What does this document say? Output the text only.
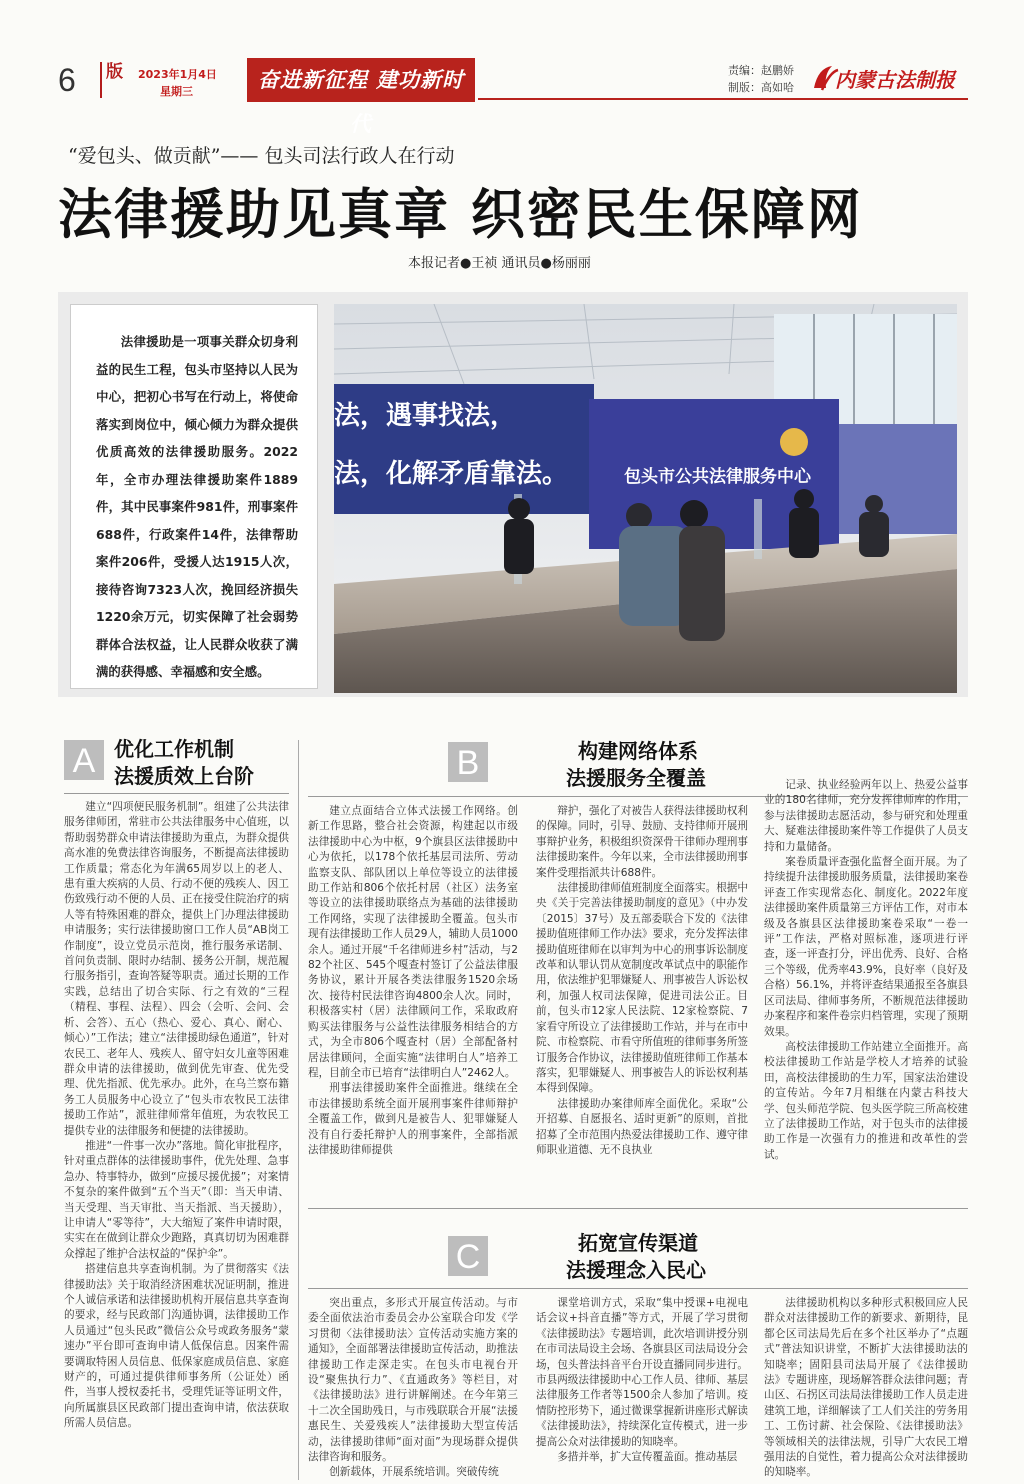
6	版	2023年1月4日
星期三	奋进新征程 建功新时代
责编：赵鹏娇
制版：高如哈 内蒙古法制报
“爱包头、做贡献”—— 包头司法行政人在行动
法律援助见真章 织密民生保障网
本报记者●王祯 通讯员●杨丽丽
法律援助是一项事关群众切身利益的民生工程，包头市坚持以人民为中心，把初心书写在行动上，将使命落实到岗位中，倾心倾力为群众提供优质高效的法律援助服务。2022年，全市办理法律援助案件1889件，其中民事案件981件，刑事案件688件，行政案件14件，法律帮助案件206件，受援人达1915人次，接待咨询7323人次，挽回经济损失1220余万元，切实保障了社会弱势群体合法权益，让人民群众收获了满满的获得感、幸福感和安全感。
法，遇事找法，
法，化解矛盾靠法。	包头市公共法律服务中心
A 优化工作机制
法援质效上台阶
建立“四项便民服务机制”。组建了公共法律服务律师团，常驻市公共法律服务中心值班，以帮助弱势群众申请法律援助为重点，为群众提供高水准的免费法律咨询服务，不断提高法律援助工作质量；常态化为年满65周岁以上的老人、患有重大疾病的人员、行动不便的残疾人、因工伤致残行动不便的人员、正在接受住院治疗的病人等有特殊困难的群众，提供上门办理法律援助申请服务；实行法律援助窗口工作人员“AB岗工作制度”，设立党员示范岗，推行服务承诺制、首问负责制、限时办结制、援务公开制，规范履行服务指引，查询答疑等职责。通过长期的工作实践，总结出了切合实际、行之有效的“三程（精程、事程、法程）、四会（会听、会问、会析、会答）、五心（热心、爱心、真心、耐心、倾心）”工作法；建立“法律援助绿色通道”，针对农民工、老年人、残疾人、留守妇女儿童等困难群众申请的法律援助，做到优先审查、优先受理、优先指派、优先承办。此外，在乌兰察布籍务工人员服务中心设立了“包头市农牧民工法律援助工作站”，派驻律师常年值班，为农牧民工提供专业的法律服务和便捷的法律援助。
推进“一件事一次办”落地。简化审批程序，针对重点群体的法律援助事件，优先处理、急事急办、特事特办，做到“应援尽援优援”；对案情不复杂的案件做到“五个当天”（即：当天申请、当天受理、当天审批、当天指派、当天援助），让申请人“零等待”，大大缩短了案件申请时限，实实在在做到让群众少跑路，真真切切为困难群众撑起了维护合法权益的“保护伞”。
搭建信息共享查询机制。为了贯彻落实《法律援助法》关于取消经济困难状况证明制，推进个人诚信承诺和法律援助机构开展信息共享查询的要求，经与民政部门沟通协调，法律援助工作人员通过“包头民政”微信公众号或政务服务“蒙速办”平台即可查询申请人低保信息。因案件需要调取特困人员信息、低保家庭成员信息、家庭财产的，可通过提供律师事务所（公证处）函件，当事人授权委托书，受理凭证等证明文件，向所属旗县区民政部门提出查询申请，依法获取所需人员信息。
B	构建网络体系
法援服务全覆盖
建立点面结合立体式法援工作网络。创新工作思路，整合社会资源，构建起以市级法律援助中心为中枢，9个旗县区法律援助中心为依托，以178个依托基层司法所、劳动监察支队、部队团以上单位等设立的法律援助工作站和806个依托村居（社区）法务室等设立的法律援助联络点为基础的法律援助工作网络，实现了法律援助全覆盖。包头市现有法律援助工作人员29人，辅助人员1000余人。通过开展“千名律师进乡村”活动，与282个社区、545个嘎查村签订了公益法律服务协议，累计开展各类法律服务1520余场次、接待村民法律咨询4800余人次。同时，积极落实村（居）法律顾问工作，采取政府购买法律服务与公益性法律服务相结合的方式，为全市806个嘎查村（居）全部配备村居法律顾问，全面实施“法律明白人”培养工程，目前全市已培育“法律明白人”2462人。
刑事法律援助案件全面推进。继续在全市法律援助系统全面开展刑事案件律师辩护全覆盖工作，做到凡是被告人、犯罪嫌疑人没有自行委托辩护人的刑事案件，全部指派法律援助律师提供
辩护，强化了对被告人获得法律援助权利的保障。同时，引导、鼓励、支持律师开展刑事辩护业务，积极组织资深骨干律师办理刑事法律援助案件。今年以来，全市法律援助刑事案件受理指派共计688件。
法律援助律师值班制度全面落实。根据中央《关于完善法律援助制度的意见》（中办发〔2015〕37号）及五部委联合下发的《法律援助值班律师工作办法》要求，充分发挥法律援助值班律师在以审判为中心的刑事诉讼制度改革和认罪认罚从宽制度改革试点中的职能作用，依法维护犯罪嫌疑人、刑事被告人诉讼权利，加强人权司法保障，促进司法公正。目前，包头市12家人民法院、12家检察院、7家看守所设立了法律援助工作站，并与在市中院、市检察院、市看守所值班的律师事务所签订服务合作协议，法律援助值班律师工作基本落实，犯罪嫌疑人、刑事被告人的诉讼权利基本得到保障。
法律援助办案律师库全面优化。采取“公开招募、自愿报名、适时更新”的原则，首批招募了全市范围内热爱法律援助工作、遵守律师职业道德、无不良执业
记录、执业经验两年以上、热爱公益事业的180名律师，充分发挥律师库的作用，参与法律援助志愿活动，参与研究和处理重大、疑难法律援助案件等工作提供了人员支持和力量储备。
案卷质量评查强化监督全面开展。为了持续提升法律援助服务质量，法律援助案卷评查工作实现常态化、制度化。2022年度法律援助案件质量第三方评估工作，对市本级及各旗县区法律援助案卷采取“一卷一评”工作法，严格对照标准，逐项进行评查，逐一评查打分，评出优秀、良好、合格三个等级，优秀率43.9%，良好率（良好及合格）56.1%，并将评查结果通报至各旗县区司法局、律师事务所，不断规范法律援助办案程序和案件卷宗归档管理，实现了预期效果。
高校法律援助工作站建立全面推开。高校法律援助工作站是学校人才培养的试验田，高校法律援助的生力军，国家法治建设的宣传站。今年7月相继在内蒙古科技大学、包头师范学院、包头医学院三所高校建立了法律援助工作站，对于包头市的法律援助工作是一次强有力的推进和改革性的尝试。
C	拓宽宣传渠道
法援理念入民心
突出重点，多形式开展宣传活动。与市委全面依法治市委员会办公室联合印发《学习贯彻〈法律援助法〉宣传活动实施方案的通知》，全面部署法律援助宣传活动，助推法律援助工作走深走实。在包头市电视台开设“聚焦执行力”、《直通政务》等栏目，对《法律援助法》进行讲解阐述。在今年第三十二次全国助残日，与市残联联合开展“法援惠民生、关爱残疾人”法律援助大型宣传活动，法律援助律师“面对面”为现场群众提供法律咨询和服务。
创新载体，开展系统培训。突破传统
课堂培训方式，采取“集中授课+电视电话会议+抖音直播”等方式，开展了学习贯彻《法律援助法》专题培训，此次培训讲授分别在市司法局设主会场、各旗县区司法局设分会场，包头普法抖音平台开设直播同同步进行。市县两级法律援助中心工作人员、律师、基层法律服务工作者等1500余人参加了培训。疫情防控形势下，通过微课掌握新讲座形式解读《法律援助法》，持续深化宣传模式，进一步提高公众对法律援助的知晓率。
多措并举，扩大宣传覆盖面。推动基层
法律援助机构以多种形式积极回应人民群众对法律援助工作的新要求、新期待，昆都仑区司法局先后在多个社区举办了“点题式”普法知识讲堂，不断扩大法律援助法的知晓率；固阳县司法局开展了《法律援助法》专题讲座，现场解答群众法律问题；青山区、石拐区司法局法律援助工作人员走进建筑工地，详细解读了工人们关注的劳务用工、工伤讨薪、社会保险、《法律援助法》等领域相关的法律法规，引导广大农民工增强用法的自觉性，着力提高公众对法律援助的知晓率。
